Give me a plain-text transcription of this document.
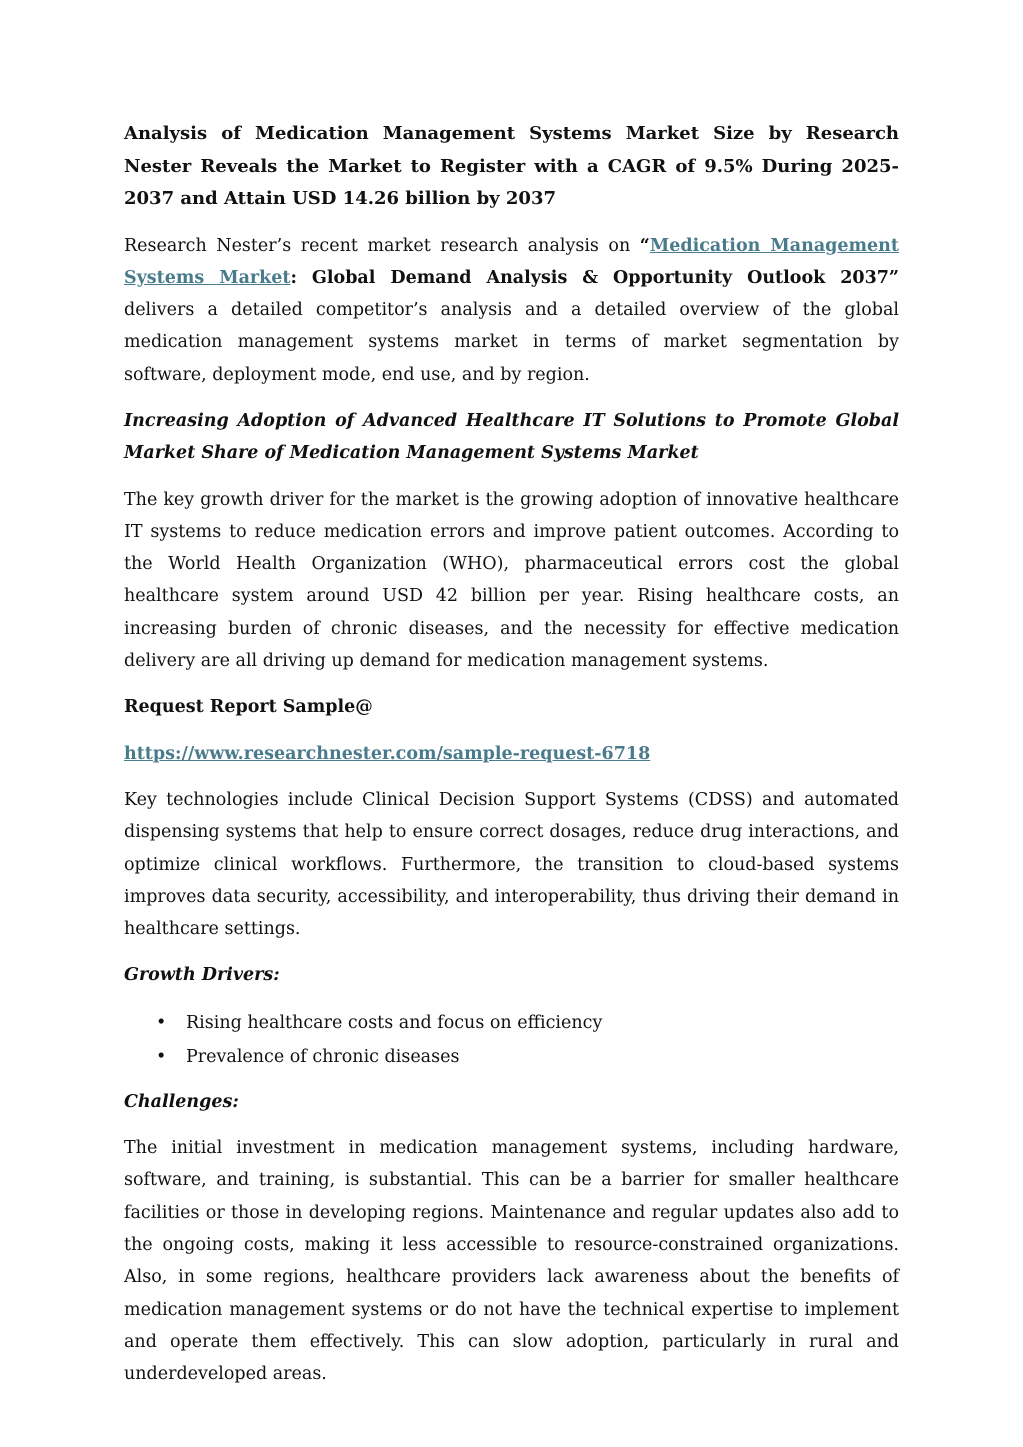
Analysis of Medication Management Systems Market Size by Research Nester Reveals the Market to Register with a CAGR of 9.5% During 2025-2037 and Attain USD 14.26 billion by 2037

Research Nester’s recent market research analysis on “Medication Management Systems Market: Global Demand Analysis & Opportunity Outlook 2037” delivers a detailed competitor’s analysis and a detailed overview of the global medication management systems market in terms of market segmentation by software, deployment mode, end use, and by region.

Increasing Adoption of Advanced Healthcare IT Solutions to Promote Global Market Share of Medication Management Systems Market

The key growth driver for the market is the growing adoption of innovative healthcare IT systems to reduce medication errors and improve patient outcomes. According to the World Health Organization (WHO), pharmaceutical errors cost the global healthcare system around USD 42 billion per year. Rising healthcare costs, an increasing burden of chronic diseases, and the necessity for effective medication delivery are all driving up demand for medication management systems.

Request Report Sample@
https://www.researchnester.com/sample-request-6718

Key technologies include Clinical Decision Support Systems (CDSS) and automated dispensing systems that help to ensure correct dosages, reduce drug interactions, and optimize clinical workflows. Furthermore, the transition to cloud-based systems improves data security, accessibility, and interoperability, thus driving their demand in healthcare settings.

Growth Drivers:
• Rising healthcare costs and focus on efficiency
• Prevalence of chronic diseases
Challenges:

The initial investment in medication management systems, including hardware, software, and training, is substantial. This can be a barrier for smaller healthcare facilities or those in developing regions. Maintenance and regular updates also add to the ongoing costs, making it less accessible to resource-constrained organizations. Also, in some regions, healthcare providers lack awareness about the benefits of medication management systems or do not have the technical expertise to implement and operate them effectively. This can slow adoption, particularly in rural and underdeveloped areas.
